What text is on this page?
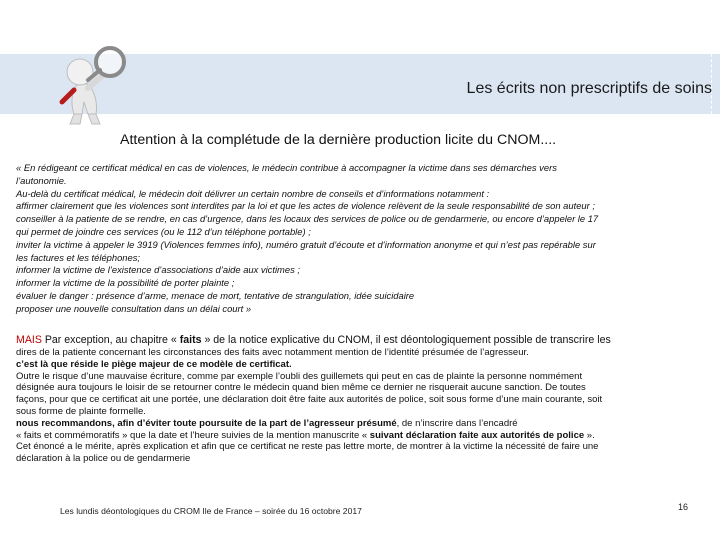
Les écrits non prescriptifs de soins
Attention à la complétude de la dernière production licite du CNOM....
« En rédigeant ce certificat médical en cas de violences, le médecin contribue à accompagner la victime dans ses démarches vers
l’autonomie.
Au-delà du certificat médical, le médecin doit délivrer un certain nombre de conseils et d’informations notamment :
affirmer clairement que les violences sont interdites par la loi et que les actes de violence relèvent de la seule responsabilité de son auteur ;
conseiller à la patiente de se rendre, en cas d’urgence, dans les locaux des services de police ou de gendarmerie, ou encore d’appeler le 17
qui permet de joindre ces services (ou le 112 d’un téléphone portable) ;
inviter la victime à appeler le 3919 (Violences femmes info), numéro gratuit d’écoute et d’information anonyme et qui n’est pas repérable sur
les factures et les téléphones;
informer la victime de l’existence d’associations d’aide aux victimes ;
informer la victime de la possibilité de porter plainte ;
évaluer le danger : présence d’arme, menace de mort, tentative de strangulation, idée suicidaire
proposer une nouvelle consultation dans un délai court »
MAIS Par exception, au chapitre « faits » de la notice explicative du CNOM, il est déontologiquement possible de transcrire les
dires de la patiente concernant les circonstances des faits avec notamment mention de l’identité présumée de l’agresseur.
c’est là que réside le piège majeur de ce modèle de certificat.
Outre le risque d’une mauvaise écriture, comme par exemple l’oubli des guillemets qui peut en cas de plainte la personne nommément
désignée aura toujours le loisir de se retourner contre le médecin quand bien même ce dernier ne risquerait aucune sanction. De toutes
façons, pour que ce certificat ait une portée, une déclaration doit être faite aux autorités de police, soit sous forme d’une main courante, soit
sous forme de plainte formelle.
nous recommandons, afin d’éviter toute poursuite de la part de l’agresseur présumé, de n’inscrire dans l’encadré
« faits et commémoratifs » que la date et l’heure suivies de la mention manuscrite « suivant déclaration faite aux autorités de police ».
Cet énoncé a le mérite, après explication et afin que ce certificat ne reste pas lettre morte, de montrer à la victime la nécessité de faire une
déclaration à la police ou de gendarmerie
Les lundis déontologiques du CROM Ile de France – soirée du 16 octobre 2017	16
